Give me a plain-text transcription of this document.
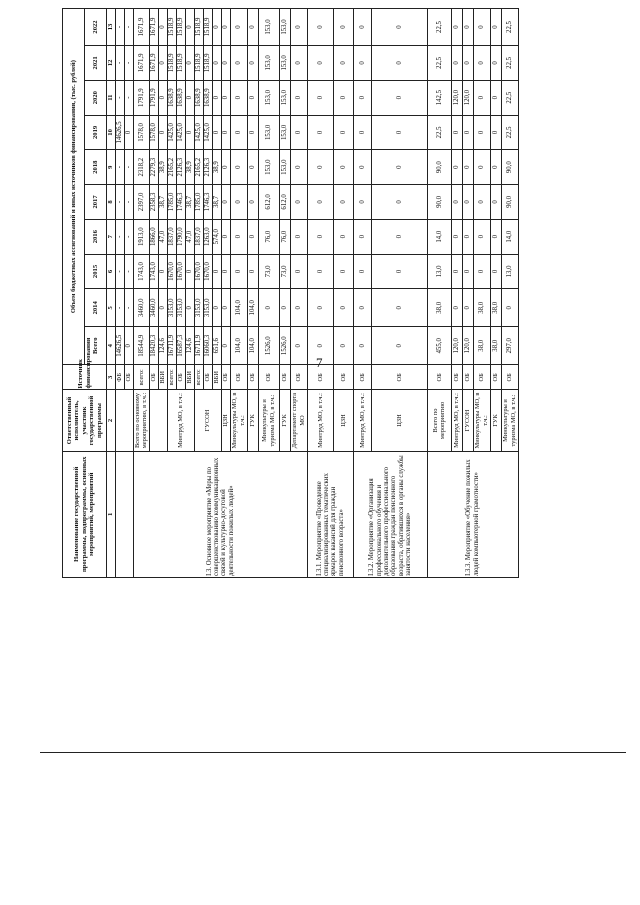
7
Наименование государственной программы, подпрограммы, основных мероприятий, мероприятий	Ответственный исполнитель, участник государственной программы	Источник финансирования	Объем бюджетных ассигнований и иных источников финансирования, (тыс. рублей)									
			Всего	2014	2015	2016	2017	2018	2019	2020	2021	2022
1	2	3	4	5	6	7	8	9	10	11	12	13
		ФБ	14626,5	-	-	-	-	-	14626,5	-	-	-
		ОБ	0	-	-	-	-	-	0	-	-	-
I.3. Основное мероприятие «Меры по совершенствованию коммуникационных связей и культурно-досуговой деятельности пожилых людей»	Всего по основному мероприятию, в т.ч.:	всего:	18544,9	3460,0	1743,0	1913,0	2397,0	2318,2	1578,0	1791,9	1671,9	1671,9
		ОБ	18420,3	3460,0	1743,0	1866,0	2358,3	2279,3	1578,0	1791,9	1671,9	1671,9
		ВБИ	124,6	0	0	47,0	38,7	38,9	0	0	0	0
	Минтруд МО, в т.ч.:	всего:	16711,9	3153,0	1670,0	1837,0	1785,0	2165,2	1425,0	1638,9	1518,9	1518,9
		ОБ	16587,3	3153,0	1670,0	1790,0	1746,3	2126,3	1425,0	1638,9	1518,9	1518,9
		ВБИ	124,6	0	0	47,0	38,7	38,9	0	0	0	0
	ГУСОН	всего:	16711,9	3153,0	1670,0	1837,0	1785,0	2165,2	1425,0	1638,9	1518,9	1518,9
		ОБ	16060,3	3153,0	1670,0	1263,0	1746,3	2126,3	1425,0	1638,9	1518,9	1518,9
		ВБИ	651,6	0	0	574,0	38,7	38,9	0	0	0	0
	ЦЗН	ОБ	0	0	0	0	0	0	0	0	0	0
	Минкультуры МО, в т.ч.:	ОБ	104,0	104,0	0	0	0	0	0	0	0	0
	ГУК	ОБ	104,0	104,0	0	0	0	0	0	0	0	0
	Минкультуры и туризма МО, в т.ч.:	ОБ	1526,0	0	73,0	76,0	612,0	153,0	153,0	153,0	153,0	153,0
	ГУК	ОБ	1526,0	0	73,0	76,0	612,0	153,0	153,0	153,0	153,0	153,0
	Департамент спорта МО	ОБ	0	0	0	0	0	0	0	0	0	0
I.3.1. Мероприятие «Проведение специализированных тематических ярмарок вакансий для граждан пенсионного возраста»	Минтруд МО, в т.ч.:	ОБ	0	0	0	0	0	0	0	0	0	0
	ЦЗН	ОБ	0	0	0	0	0	0	0	0	0	0
I.3.2. Мероприятие «Организация профессионального обучения и дополнительного профессионального образования граждан пенсионного возраста, обратившихся в органы службы занятости населения»	Минтруд МО, в т.ч.:	ОБ	0	0	0	0	0	0	0	0	0	0
	ЦЗН	ОБ	0	0	0	0	0	0	0	0	0	0
I.3.3. Мероприятие «Обучение пожилых людей компьютерной грамотности»	Всего по мероприятию	ОБ	455,0	38,0	13,0	14,0	90,0	90,0	22,5	142,5	22,5	22,5
	Минтруд МО, в т.ч.:	ОБ	120,0	0	0	0	0	0	0	120,0	0	0
	ГУСОН	ОБ	120,0	0	0	0	0	0	0	120,0	0	0
	Минкультуры МО, в т.ч.:	ОБ	38,0	38,0	0	0	0	0	0	0	0	0
	ГУК	ОБ	38,0	38,0	0	0	0	0	0	0	0	0
	Минкультуры и туризма МО, в т.ч.:	ОБ	297,0	0	13,0	14,0	90,0	90,0	22,5	22,5	22,5	22,5
